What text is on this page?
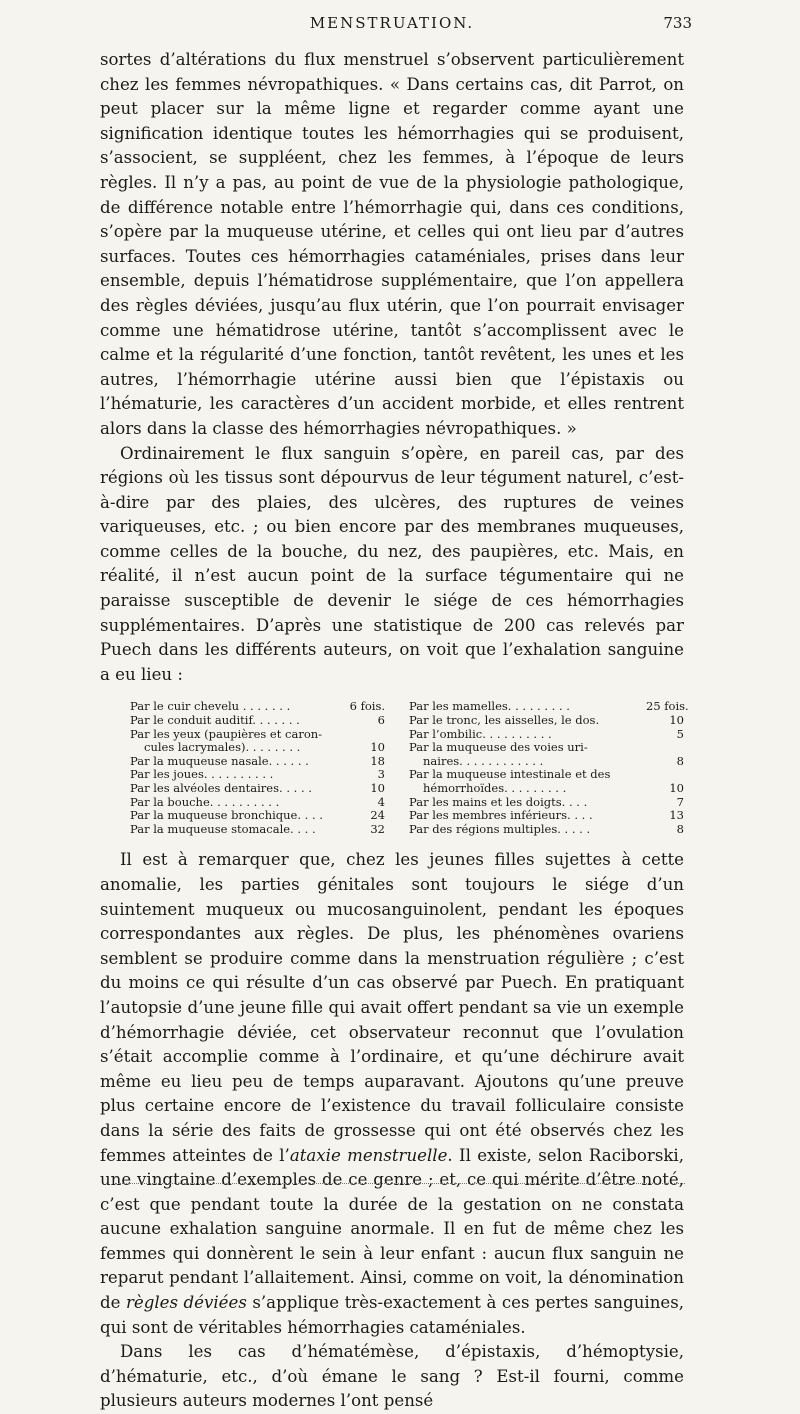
MENSTRUATION.	733

sortes d’altérations du flux menstruel s’observent particulièrement chez les femmes névropathiques. « Dans certains cas, dit Parrot, on peut placer sur la même ligne et regarder comme ayant une signification identique toutes les hémorrhagies qui se produisent, s’associent, se suppléent, chez les femmes, à l’époque de leurs règles. Il n’y a pas, au point de vue de la physiologie pathologique, de différence notable entre l’hémorrhagie qui, dans ces conditions, s’opère par la muqueuse utérine, et celles qui ont lieu par d’autres surfaces. Toutes ces hémorrhagies cataméniales, prises dans leur ensemble, depuis l’hématidrose supplémentaire, que l’on appellera des règles déviées, jusqu’au flux utérin, que l’on pourrait envisager comme une hématidrose utérine, tantôt s’accomplissent avec le calme et la régularité d’une fonction, tantôt revêtent, les unes et les autres, l’hémorrhagie utérine aussi bien que l’épistaxis ou l’hématurie, les caractères d’un accident morbide, et elles rentrent alors dans la classe des hémorrhagies névropathiques. »

Ordinairement le flux sanguin s’opère, en pareil cas, par des régions où les tissus sont dépourvus de leur tégument naturel, c’est-à-dire par des plaies, des ulcères, des ruptures de veines variqueuses, etc. ; ou bien encore par des membranes muqueuses, comme celles de la bouche, du nez, des paupières, etc. Mais, en réalité, il n’est aucun point de la surface tégumentaire qui ne paraisse susceptible de devenir le siége de ces hémorrhagies supplémentaires. D’après une statistique de 200 cas relevés par Puech dans les différents auteurs, on voit que l’exhalation sanguine a eu lieu :

Par le cuir chevelu . . . . . . .	6 fois.
Par le conduit auditif. . . . . . .	6
Par les yeux (paupières et caron-
cules lacrymales). . . . . . . .	10
Par la muqueuse nasale. . . . . .	18
Par les joues. . . . . . . . . .	3
Par les alvéoles dentaires. . . . .	10
Par la bouche. . . . . . . . . .	4
Par la muqueuse bronchique. . . .	24
Par la muqueuse stomacale. . . .	32
Par les mamelles. . . . . . . . .	25 fois.
Par le tronc, les aisselles, le dos.	10
Par l’ombilic. . . . . . . . . .	5
Par la muqueuse des voies uri-
naires. . . . . . . . . . . .	8
Par la muqueuse intestinale et des
hémorrhoïdes. . . . . . . . .	10
Par les mains et les doigts. . . .	7
Par les membres inférieurs. . . .	13
Par des régions multiples. . . . .	8

Il est à remarquer que, chez les jeunes filles sujettes à cette anomalie, les parties génitales sont toujours le siége d’un suintement muqueux ou mucosanguinolent, pendant les époques correspondantes aux règles. De plus, les phénomènes ovariens semblent se produire comme dans la menstruation régulière ; c’est du moins ce qui résulte d’un cas observé par Puech. En pratiquant l’autopsie d’une jeune fille qui avait offert pendant sa vie un exemple d’hémorrhagie déviée, cet observateur reconnut que l’ovulation s’était accomplie comme à l’ordinaire, et qu’une déchirure avait même eu lieu peu de temps auparavant. Ajoutons qu’une preuve plus certaine encore de l’existence du travail folliculaire consiste dans la série des faits de grossesse qui ont été observés chez les femmes atteintes de l’ataxie menstruelle. Il existe, selon Raciborski, une vingtaine d’exemples de ce genre ; et, ce qui mérite d’être noté, c’est que pendant toute la durée de la gestation on ne constata aucune exhalation sanguine anormale. Il en fut de même chez les femmes qui donnèrent le sein à leur enfant : aucun flux sanguin ne reparut pendant l’allaitement. Ainsi, comme on voit, la dénomination de règles déviées s’applique très-exactement à ces pertes sanguines, qui sont de véritables hémorrhagies cataméniales.

Dans les cas d’hématémèse, d’épistaxis, d’hémoptysie, d’hématurie, etc., d’où émane le sang ? Est-il fourni, comme plusieurs auteurs modernes l’ont pensé
